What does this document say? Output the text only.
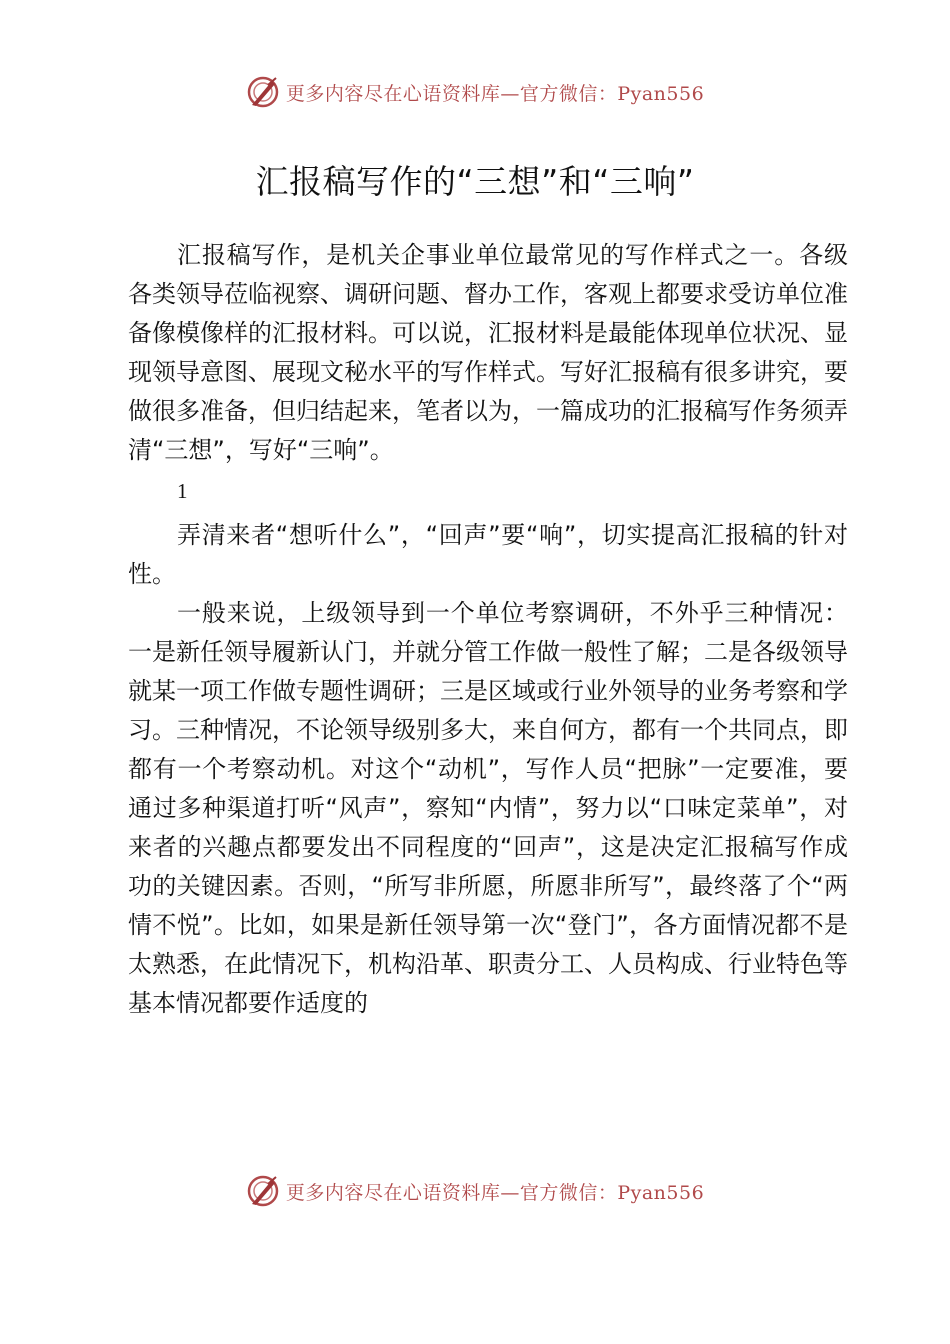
更多内容尽在心语资料库—官方微信：Pyan556
汇报稿写作的“三想”和“三响”

汇报稿写作，是机关企事业单位最常见的写作样式之一。各级各类领导莅临视察、调研问题、督办工作，客观上都要求受访单位准备像模像样的汇报材料。可以说，汇报材料是最能体现单位状况、显现领导意图、展现文秘水平的写作样式。写好汇报稿有很多讲究，要做很多准备，但归结起来，笔者以为，一篇成功的汇报稿写作务须弄清“三想”，写好“三响”。

1

弄清来者“想听什么”，“回声”要“响”，切实提高汇报稿的针对性。

一般来说，上级领导到一个单位考察调研，不外乎三种情况：一是新任领导履新认门，并就分管工作做一般性了解；二是各级领导就某一项工作做专题性调研；三是区域或行业外领导的业务考察和学习。三种情况，不论领导级别多大，来自何方，都有一个共同点，即都有一个考察动机。对这个“动机”，写作人员“把脉”一定要准，要通过多种渠道打听“风声”，察知“内情”，努力以“口味定菜单”，对来者的兴趣点都要发出不同程度的“回声”，这是决定汇报稿写作成功的关键因素。否则，“所写非所愿，所愿非所写”，最终落了个“两情不悦”。比如，如果是新任领导第一次“登门”，各方面情况都不是太熟悉，在此情况下，机构沿革、职责分工、人员构成、行业特色等基本情况都要作适度的

更多内容尽在心语资料库—官方微信：Pyan556
